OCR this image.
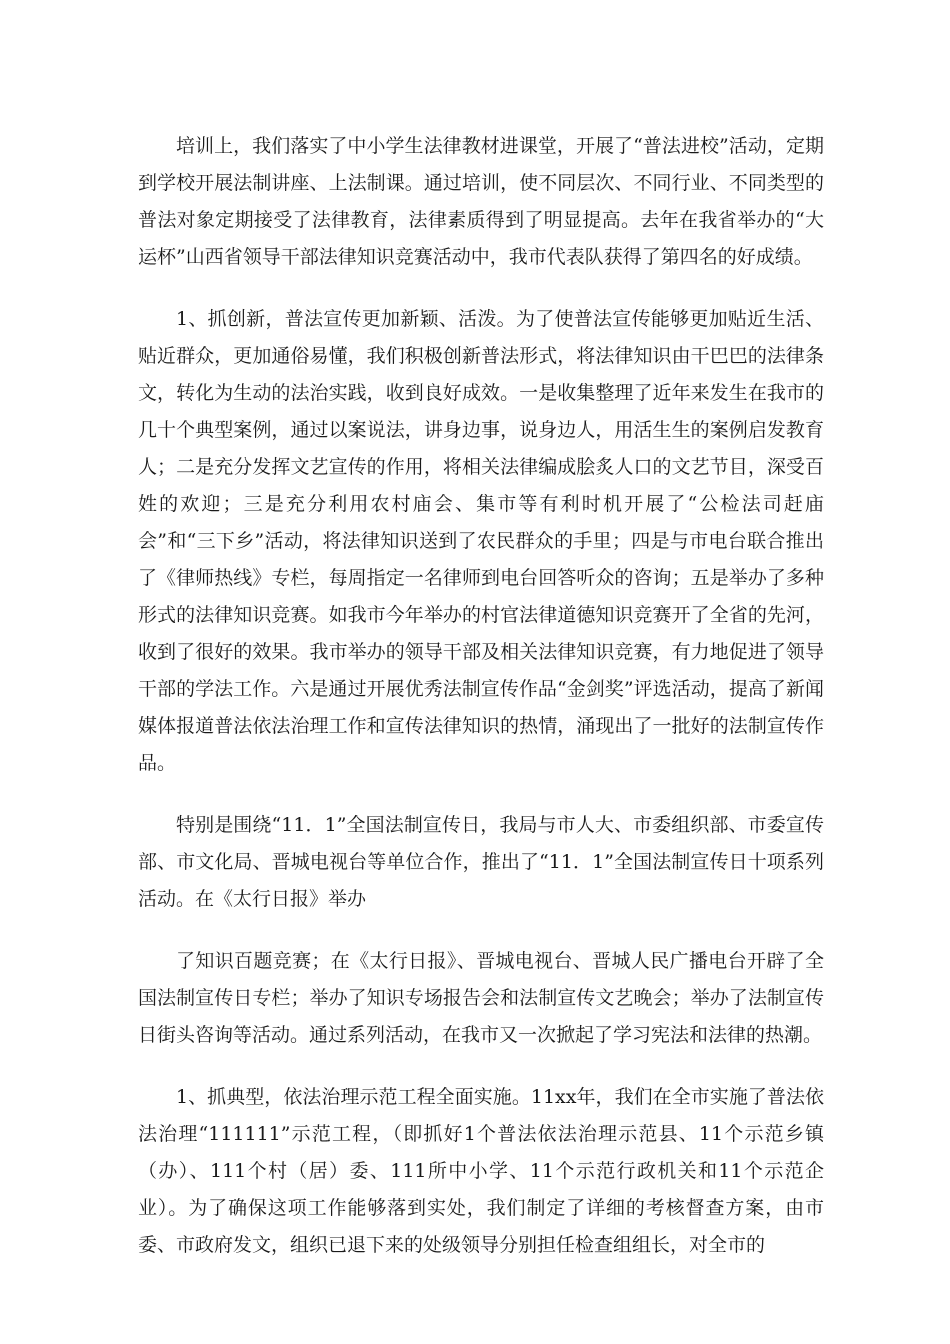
培训上，我们落实了中小学生法律教材进课堂，开展了“普法进校”活动，定期到学校开展法制讲座、上法制课。通过培训，使不同层次、不同行业、不同类型的普法对象定期接受了法律教育，法律素质得到了明显提高。去年在我省举办的“大运杯”山西省领导干部法律知识竞赛活动中，我市代表队获得了第四名的好成绩。

1、抓创新，普法宣传更加新颖、活泼。为了使普法宣传能够更加贴近生活、贴近群众，更加通俗易懂，我们积极创新普法形式，将法律知识由干巴巴的法律条文，转化为生动的法治实践，收到良好成效。一是收集整理了近年来发生在我市的几十个典型案例，通过以案说法，讲身边事，说身边人，用活生生的案例启发教育人；二是充分发挥文艺宣传的作用，将相关法律编成脍炙人口的文艺节目，深受百姓的欢迎；三是充分利用农村庙会、集市等有利时机开展了“公检法司赶庙会”和“三下乡”活动，将法律知识送到了农民群众的手里；四是与市电台联合推出了《律师热线》专栏，每周指定一名律师到电台回答听众的咨询；五是举办了多种形式的法律知识竞赛。如我市今年举办的村官法律道德知识竞赛开了全省的先河，收到了很好的效果。我市举办的领导干部及相关法律知识竞赛，有力地促进了领导干部的学法工作。六是通过开展优秀法制宣传作品“金剑奖”评选活动，提高了新闻媒体报道普法依法治理工作和宣传法律知识的热情，涌现出了一批好的法制宣传作品。

特别是围绕“11．1”全国法制宣传日，我局与市人大、市委组织部、市委宣传部、市文化局、晋城电视台等单位合作，推出了“11．1”全国法制宣传日十项系列活动。在《太行日报》举办

了知识百题竞赛；在《太行日报》、晋城电视台、晋城人民广播电台开辟了全国法制宣传日专栏；举办了知识专场报告会和法制宣传文艺晚会；举办了法制宣传日街头咨询等活动。通过系列活动，在我市又一次掀起了学习宪法和法律的热潮。

1、抓典型，依法治理示范工程全面实施。11xx年，我们在全市实施了普法依法治理“111111”示范工程，（即抓好1个普法依法治理示范县、11个示范乡镇（办）、111个村（居）委、111所中小学、11个示范行政机关和11个示范企业）。为了确保这项工作能够落到实处，我们制定了详细的考核督查方案，由市委、市政府发文，组织已退下来的处级领导分别担任检查组组长，对全市的
